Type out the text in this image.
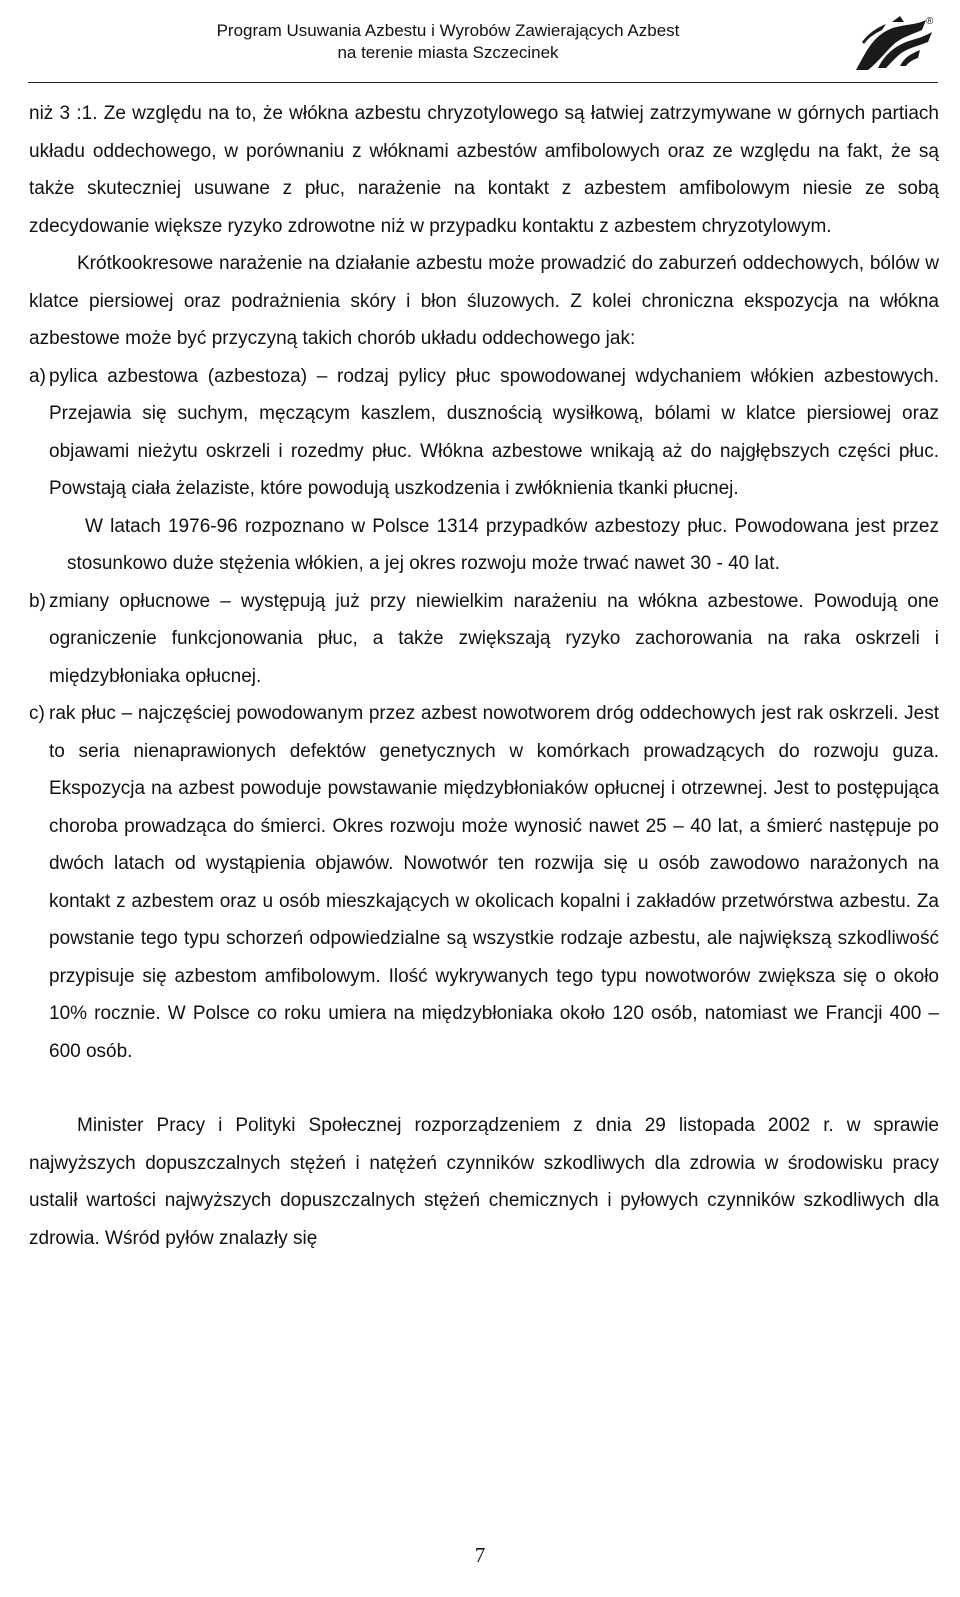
Program Usuwania Azbestu i Wyrobów Zawierających Azbest
na terenie miasta Szczecinek
®

niż 3 :1. Ze względu na to, że włókna azbestu chryzotylowego są łatwiej zatrzymywane w górnych partiach układu oddechowego, w porównaniu z włóknami azbestów amfibolowych oraz ze względu na fakt, że są także skuteczniej usuwane z płuc, narażenie na kontakt z azbestem amfibolowym niesie ze sobą zdecydowanie większe ryzyko zdrowotne niż w przypadku kontaktu z azbestem chryzotylowym.

Krótkookresowe narażenie na działanie azbestu może prowadzić do zaburzeń oddechowych, bólów w klatce piersiowej oraz podrażnienia skóry i błon śluzowych. Z kolei chroniczna ekspozycja na włókna azbestowe może być przyczyną takich chorób układu oddechowego jak:

a) pylica azbestowa (azbestoza) – rodzaj pylicy płuc spowodowanej wdychaniem włókien azbestowych. Przejawia się suchym, męczącym kaszlem, dusznością wysiłkową, bólami w klatce piersiowej oraz objawami nieżytu oskrzeli i rozedmy płuc. Włókna azbestowe wnikają aż do najgłębszych części płuc. Powstają ciała żelaziste, które powodują uszkodzenia i zwłóknienia tkanki płucnej.

W latach 1976-96 rozpoznano w Polsce 1314 przypadków azbestozy płuc. Powodowana jest przez stosunkowo duże stężenia włókien, a jej okres rozwoju może trwać nawet 30 - 40 lat.

b) zmiany opłucnowe – występują już przy niewielkim narażeniu na włókna azbestowe. Powodują one ograniczenie funkcjonowania płuc, a także zwiększają ryzyko zachorowania na raka oskrzeli i międzybłoniaka opłucnej.
c) rak płuc – najczęściej powodowanym przez azbest nowotworem dróg oddechowych jest rak oskrzeli. Jest to seria nienaprawionych defektów genetycznych w komórkach prowadzących do rozwoju guza. Ekspozycja na azbest powoduje powstawanie międzybłoniaków opłucnej i otrzewnej. Jest to postępująca choroba prowadząca do śmierci. Okres rozwoju może wynosić nawet 25 – 40 lat, a śmierć następuje po dwóch latach od wystąpienia objawów. Nowotwór ten rozwija się u osób zawodowo narażonych na kontakt z azbestem oraz u osób mieszkających w okolicach kopalni i zakładów przetwórstwa azbestu. Za powstanie tego typu schorzeń odpowiedzialne są wszystkie rodzaje azbestu, ale największą szkodliwość przypisuje się azbestom amfibolowym. Ilość wykrywanych tego typu nowotworów zwiększa się o około 10% rocznie. W Polsce co roku umiera na międzybłoniaka około 120 osób, natomiast we Francji 400 – 600 osób.

Minister Pracy i Polityki Społecznej rozporządzeniem z dnia 29 listopada 2002 r. w sprawie najwyższych dopuszczalnych stężeń i natężeń czynników szkodliwych dla zdrowia w środowisku pracy ustalił wartości najwyższych dopuszczalnych stężeń chemicznych i pyłowych czynników szkodliwych dla zdrowia. Wśród pyłów znalazły się

7
